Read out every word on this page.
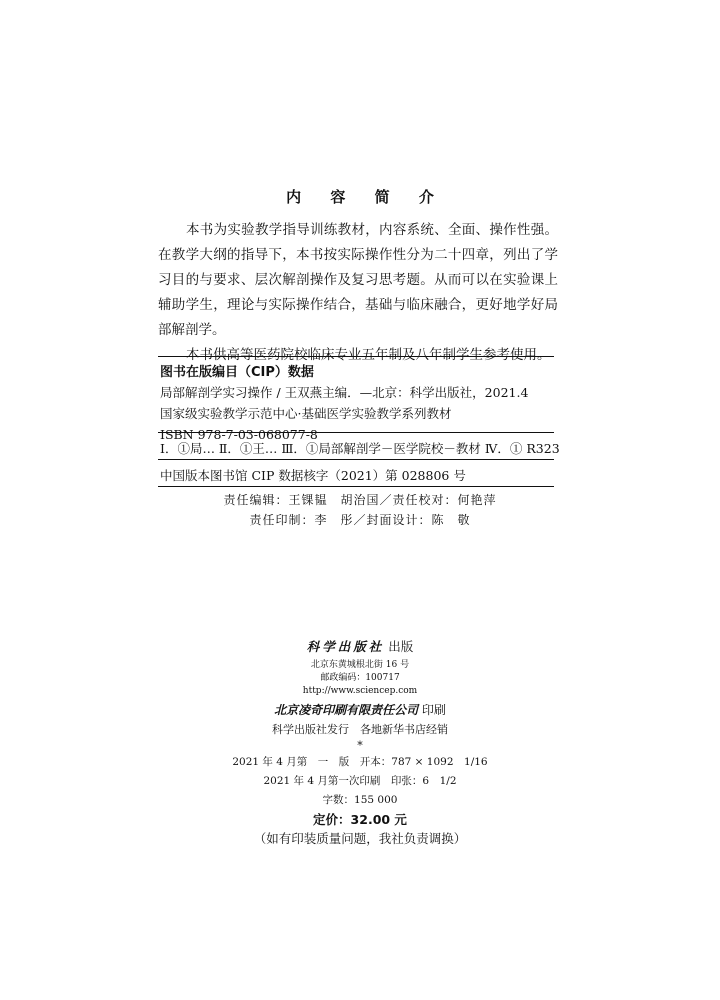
内 容 简 介

本书为实验教学指导训练教材，内容系统、全面、操作性强。在教学大纲的指导下，本书按实际操作性分为二十四章，列出了学习目的与要求、层次解剖操作及复习思考题。从而可以在实验课上辅助学生，理论与实际操作结合，基础与临床融合，更好地学好局部解剖学。

本书供高等医药院校临床专业五年制及八年制学生参考使用。

图书在版编目（CIP）数据
局部解剖学实习操作 / 王双燕主编．—北京：科学出版社，2021.4
国家级实验教学示范中心·基础医学实验教学系列教材
ISBN 978-7-03-068077-8
Ⅰ．①局… Ⅱ．①王… Ⅲ．①局部解剖学－医学院校－教材 Ⅳ．① R323
中国版本图书馆 CIP 数据核字（2021）第 028806 号
责任编辑：王锞韫　胡治国／责任校对：何艳萍
责任印制：李　彤／封面设计：陈　敬
科学出版社 出版
北京东黄城根北街 16 号
邮政编码：100717
http://www.sciencep.com
北京凌奇印刷有限责任公司 印刷
科学出版社发行　各地新华书店经销
*
2021 年 4 月第　一　版　开本：787 × 1092　1/16
2021 年 4 月第一次印刷　印张：6　1/2
字数：155 000
定价：32.00 元
（如有印装质量问题，我社负责调换）
